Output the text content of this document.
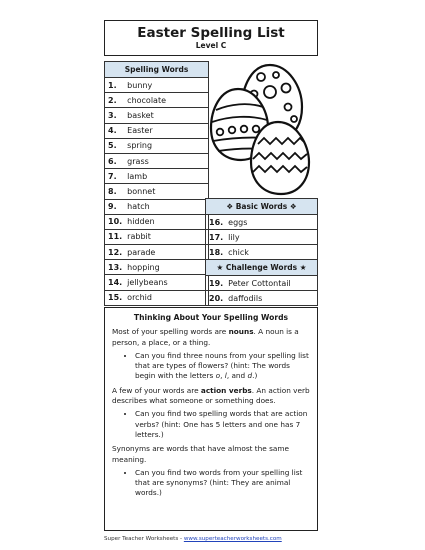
Easter Spelling List
Level C
Spelling Words	
1.	bunny
2.	chocolate
3.	basket
4.	Easter
5.	spring
6.	grass
7.	lamb
8.	bonnet
9.	hatch
10.	hidden
11.	rabbit
12.	parade
13.	hopping
14.	jellybeans
15.	orchid
❖ Basic Words ❖	
16.	eggs
17.	lily
18.	chick
★ Challenge Words ★	
19.	Peter Cottontail
20.	daffodils
Thinking About Your Spelling Words

Most of your spelling words are nouns. A noun is a person, a place, or a thing.

• Can you find three nouns from your spelling list that are types of flowers? (hint: The words begin with the letters o, l, and d.)

A few of your words are action verbs. An action verb describes what someone or something does.

• Can you find two spelling words that are action verbs? (hint: One has 5 letters and one has 7 letters.)

Synonyms are words that have almost the same meaning.

• Can you find two words from your spelling list that are synonyms? (hint: They are animal words.)
Super Teacher Worksheets - www.superteacherworksheets.com
